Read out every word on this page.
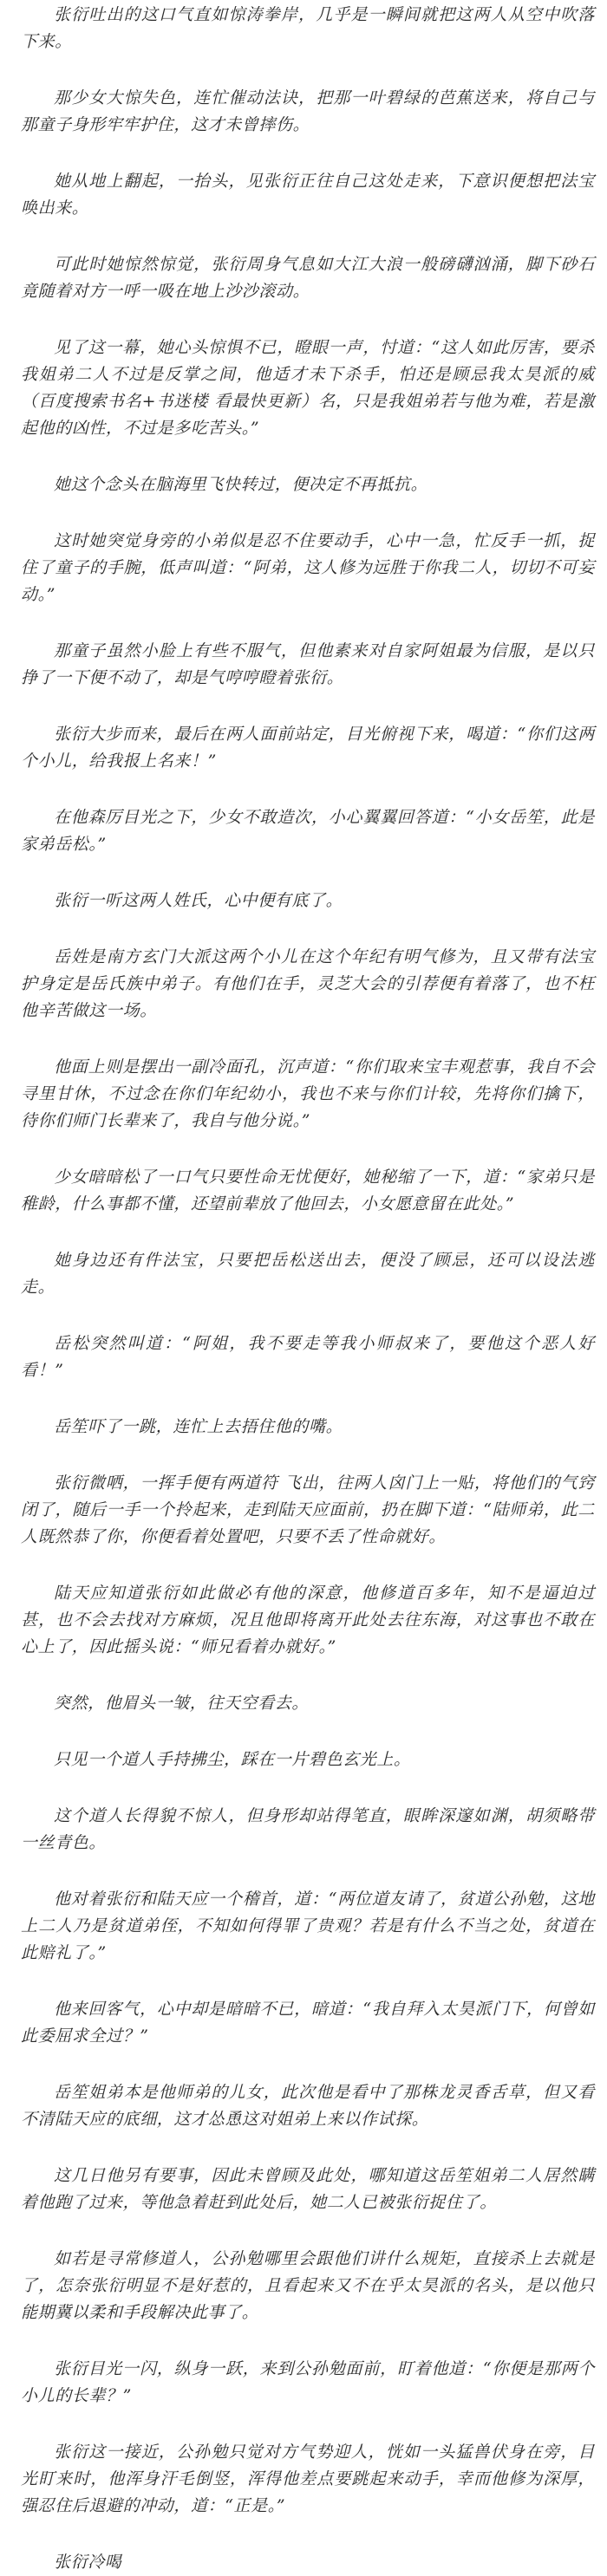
张衍吐出的这口气直如惊涛拳岸，几乎是一瞬间就把这两人从空中吹落下来。

那少女大惊失色，连忙催动法诀，把那一叶碧绿的芭蕉送来，将自己与那童子身形牢牢护住，这才未曾摔伤。

她从地上翻起，一抬头，见张衍正往自己这处走来，下意识便想把法宝唤出来。

可此时她惊然惊觉，张衍周身气息如大江大浪一般磅礴汹涌，脚下砂石竟随着对方一呼一吸在地上沙沙滚动。

见了这一幕，她心头惊惧不已，瞪眼一声，忖道：“这人如此厉害，要杀我姐弟二人不过是反掌之间，他适才未下杀手，怕还是顾忌我太昊派的威（百度搜索书名+书迷楼 看最快更新）名，只是我姐弟若与他为难，若是激起他的凶性，不过是多吃苦头。”

她这个念头在脑海里飞快转过，便决定不再抵抗。

这时她突觉身旁的小弟似是忍不住要动手，心中一急，忙反手一抓，捉住了童子的手腕，低声叫道：“阿弟，这人修为远胜于你我二人，切切不可妄动。”

那童子虽然小脸上有些不服气，但他素来对自家阿姐最为信服，是以只挣了一下便不动了，却是气哼哼瞪着张衍。

张衍大步而来，最后在两人面前站定，目光俯视下来，喝道：“你们这两个小儿，给我报上名来！”

在他森厉目光之下，少女不敢造次，小心翼翼回答道：“小女岳笙，此是家弟岳松。”

张衍一听这两人姓氏，心中便有底了。

岳姓是南方玄门大派这两个小儿在这个年纪有明气修为，且又带有法宝护身定是岳氏族中弟子。有他们在手，灵芝大会的引荐便有着落了，也不枉他辛苦做这一场。

他面上则是摆出一副冷面孔，沉声道：“你们取来宝丰观惹事，我自不会寻里甘休，不过念在你们年纪幼小，我也不来与你们计较，先将你们擒下，待你们师门长辈来了，我自与他分说。”

少女暗暗松了一口气只要性命无忧便好，她秘缩了一下，道：“家弟只是稚龄，什么事都不懂，还望前辈放了他回去，小女愿意留在此处。”

她身边还有件法宝，只要把岳松送出去，便没了顾忌，还可以设法逃走。

岳松突然叫道：“阿姐，我不要走等我小师叔来了，要他这个恶人好看！”

岳笙吓了一跳，连忙上去捂住他的嘴。

张衍微哂，一挥手便有两道符 飞出，往两人囟门上一贴，将他们的气窍闭了，随后一手一个拎起来，走到陆天应面前，扔在脚下道：“陆师弟，此二人既然恭了你，你便看着处置吧，只要不丢了性命就好。

陆天应知道张衍如此做必有他的深意，他修道百多年，知不是逼迫过甚，也不会去找对方麻烦，况且他即将离开此处去往东海，对这事也不敢在心上了，因此摇头说：“师兄看着办就好。”

突然，他眉头一皱，往天空看去。

只见一个道人手持拂尘，踩在一片碧色玄光上。

这个道人长得貌不惊人，但身形却站得笔直，眼眸深邃如渊，胡须略带一丝青色。

他对着张衍和陆天应一个稽首，道：“两位道友请了，贫道公孙勉，这地上二人乃是贫道弟侄，不知如何得罪了贵观？若是有什么不当之处，贫道在此赔礼了。”

他来回客气，心中却是暗暗不已，暗道：“我自拜入太昊派门下，何曾如此委屈求全过？”

岳笙姐弟本是他师弟的儿女，此次他是看中了那株龙灵香舌草，但又看不清陆天应的底细，这才怂恿这对姐弟上来以作试探。

这几日他另有要事，因此未曾顾及此处，哪知道这岳笙姐弟二人居然瞒着他跑了过来，等他急着赶到此处后，她二人已被张衍捉住了。

如若是寻常修道人，公孙勉哪里会跟他们讲什么规矩，直接杀上去就是了，怎奈张衍明显不是好惹的，且看起来又不在乎太昊派的名头，是以他只能期冀以柔和手段解决此事了。

张衍目光一闪，纵身一跃，来到公孙勉面前，盯着他道：“你便是那两个小儿的长辈？”

张衍这一接近，公孙勉只觉对方气势迎人，恍如一头猛兽伏身在旁，目光盯来时，他浑身汗毛倒竖，浑得他差点要跳起来动手，幸而他修为深厚，强忍住后退避的冲动，道：“正是。”

张衍冷喝
